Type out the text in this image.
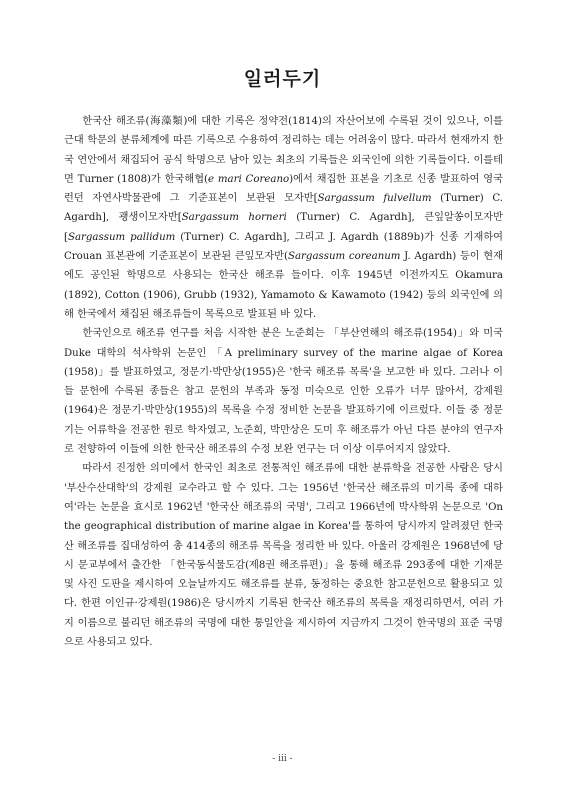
일러두기

한국산 해조류(海藻類)에 대한 기록은 정약전(1814)의 자산어보에 수록된 것이 있으나, 이를 근대 학문의 분류체계에 따른 기록으로 수용하여 정리하는 데는 어려움이 많다. 따라서 현재까지 한국 연안에서 채집되어 공식 학명으로 남아 있는 최초의 기록들은 외국인에 의한 기록들이다. 이를테면 Turner (1808)가 한국해협(e mari Coreano)에서 채집한 표본을 기초로 신종 발표하여 영국 런던 자연사박물관에 그 기준표본이 보관된 모자반[Sargassum fulvellum (Turner) C. Agardh], 괭생이모자반[Sargassum horneri (Turner) C. Agardh], 큰잎알쏭이모자반[Sargassum pallidum (Turner) C. Agardh], 그리고 J. Agardh (1889b)가 신종 기재하여 Crouan 표본관에 기준표본이 보관된 큰잎모자반(Sargassum coreanum J. Agardh) 등이 현재에도 공인된 학명으로 사용되는 한국산 해조류 들이다. 이후 1945년 이전까지도 Okamura (1892), Cotton (1906), Grubb (1932), Yamamoto & Kawamoto (1942) 등의 외국인에 의해 한국에서 채집된 해조류들이 목록으로 발표된 바 있다.

한국인으로 해조류 연구를 처음 시작한 분은 노준희는 「부산연해의 해조류(1954)」와 미국 Duke 대학의 석사학위 논문인 「A preliminary survey of the marine algae of Korea (1958)」를 발표하였고, 정문기·박만상(1955)은 '한국 해조류 목록'을 보고한 바 있다. 그러나 이들 문헌에 수록된 종들은 참고 문헌의 부족과 동정 미숙으로 인한 오류가 너무 많아서, 강제원(1964)은 정문기·박만상(1955)의 목록을 수정 정비한 논문을 발표하기에 이르렀다. 이들 중 정문기는 어류학을 전공한 원로 학자였고, 노준희, 박만상은 도미 후 해조류가 아닌 다른 분야의 연구자로 전향하여 이들에 의한 한국산 해조류의 수정 보완 연구는 더 이상 이루어지지 않았다.

따라서 진정한 의미에서 한국인 최초로 전통적인 해조류에 대한 분류학을 전공한 사람은 당시 '부산수산대학'의 강제원 교수라고 할 수 있다. 그는 1956년 '한국산 해조류의 미기록 종에 대하여'라는 논문을 효시로 1962년 '한국산 해조류의 국명', 그리고 1966년에 박사학위 논문으로 'On the geographical distribution of marine algae in Korea'를 통하여 당시까지 알려졌던 한국산 해조류를 집대성하여 총 414종의 해조류 목록을 정리한 바 있다. 아울러 강제원은 1968년에 당시 문교부에서 출간한 「한국동식물도감(제8권 해조류편)」을 통해 해조류 293종에 대한 기재문 및 사진 도판을 제시하여 오늘날까지도 해조류를 분류, 동정하는 중요한 참고문헌으로 활용되고 있다. 한편 이인규·강제원(1986)은 당시까지 기록된 한국산 해조류의 목록을 재정리하면서, 여러 가지 이름으로 불리던 해조류의 국명에 대한 통일안을 제시하여 지금까지 그것이 한국명의 표준 국명으로 사용되고 있다.

- iii -
